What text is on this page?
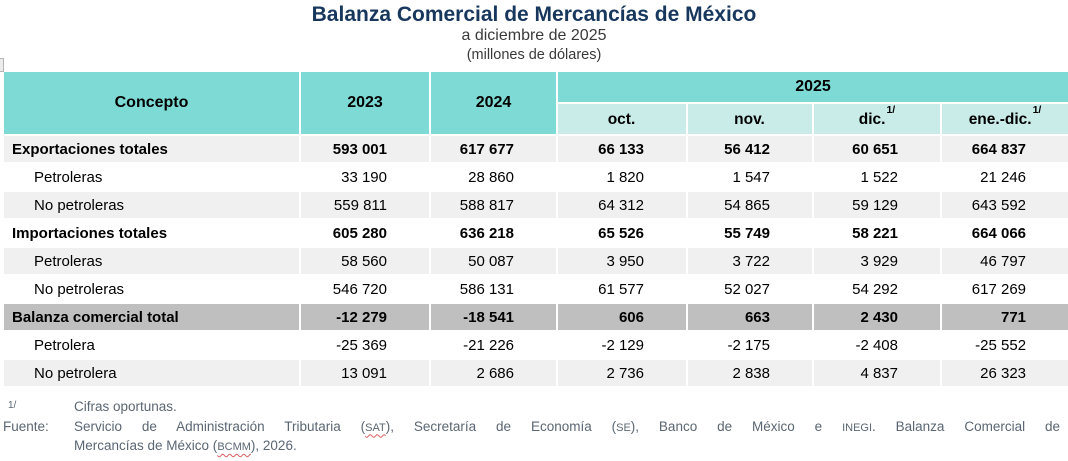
Balanza Comercial de Mercancías de México
a diciembre de 2025
(millones de dólares)
Concepto	2023	2024	2025			
			oct.	nov.	dic.$^{1/}$	ene.-dic.$^{1/}$
Exportaciones totales	593 001	617 677	66 133	56 412	60 651	664 837
Petroleras	33 190	28 860	1 820	1 547	1 522	21 246
No petroleras	559 811	588 817	64 312	54 865	59 129	643 592
Importaciones totales	605 280	636 218	65 526	55 749	58 221	664 066
Petroleras	58 560	50 087	3 950	3 722	3 929	46 797
No petroleras	546 720	586 131	61 577	52 027	54 292	617 269
Balanza comercial total	-12 279	-18 541	606	663	2 430	771
Petrolera	-25 369	-21 226	-2 129	-2 175	-2 408	-25 552
No petrolera	13 091	2 686	2 736	2 838	4 837	26 323
1/	Cifras oportunas.
Fuente:	Servicio de Administración Tributaria (SAT), Secretaría de Economía (SE), Banco de México e INEGI. Balanza Comercial de
Mercancías de México (BCMM), 2026.
